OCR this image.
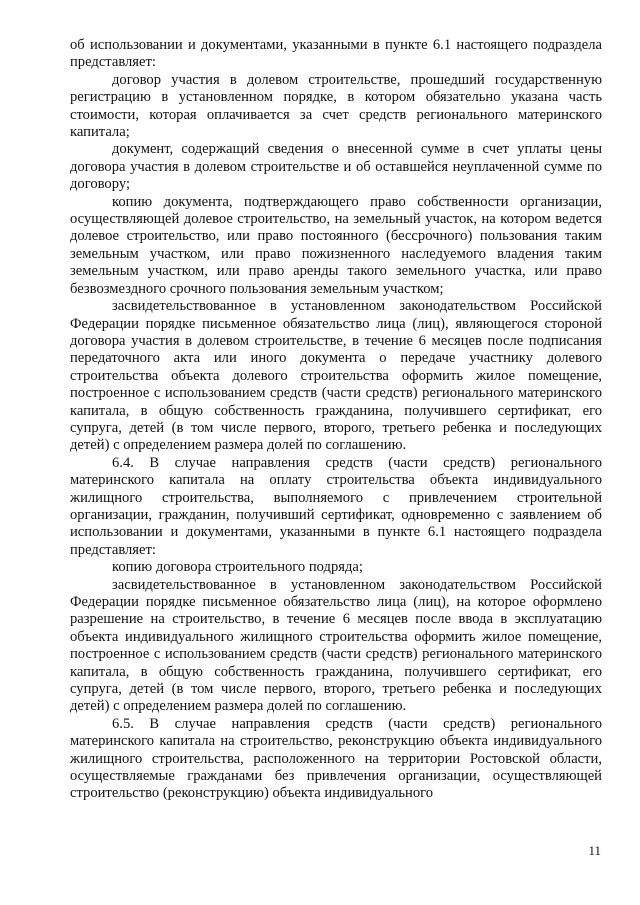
об использовании и документами, указанными в пункте 6.1 настоящего подраздела представляет:

договор участия в долевом строительстве, прошедший государственную регистрацию в установленном порядке, в котором обязательно указана часть стоимости, которая оплачивается за счет средств регионального материнского капитала;

документ, содержащий сведения о внесенной сумме в счет уплаты цены договора участия в долевом строительстве и об оставшейся неуплаченной сумме по договору;

копию документа, подтверждающего право собственности организации, осуществляющей долевое строительство, на земельный участок, на котором ведется долевое строительство, или право постоянного (бессрочного) пользования таким земельным участком, или право пожизненного наследуемого владения таким земельным участком, или право аренды такого земельного участка, или право безвозмездного срочного пользования земельным участком;

засвидетельствованное в установленном законодательством Российской Федерации порядке письменное обязательство лица (лиц), являющегося стороной договора участия в долевом строительстве, в течение 6 месяцев после подписания передаточного акта или иного документа о передаче участнику долевого строительства объекта долевого строительства оформить жилое помещение, построенное с использованием средств (части средств) регионального материнского капитала, в общую собственность гражданина, получившего сертификат, его супруга, детей (в том числе первого, второго, третьего ребенка и последующих детей) с определением размера долей по соглашению.

6.4. В случае направления средств (части средств) регионального материнского капитала на оплату строительства объекта индивидуального жилищного строительства, выполняемого с привлечением строительной организации, гражданин, получивший сертификат, одновременно с заявлением об использовании и документами, указанными в пункте 6.1 настоящего подраздела представляет:

копию договора строительного подряда;

засвидетельствованное в установленном законодательством Российской Федерации порядке письменное обязательство лица (лиц), на которое оформлено разрешение на строительство, в течение 6 месяцев после ввода в эксплуатацию объекта индивидуального жилищного строительства оформить жилое помещение, построенное с использованием средств (части средств) регионального материнского капитала, в общую собственность гражданина, получившего сертификат, его супруга, детей (в том числе первого, второго, третьего ребенка и последующих детей) с определением размера долей по соглашению.

6.5. В случае направления средств (части средств) регионального материнского капитала на строительство, реконструкцию объекта индивидуального жилищного строительства, расположенного на территории Ростовской области, осуществляемые гражданами без привлечения организации, осуществляющей строительство (реконструкцию) объекта индивидуального

11
